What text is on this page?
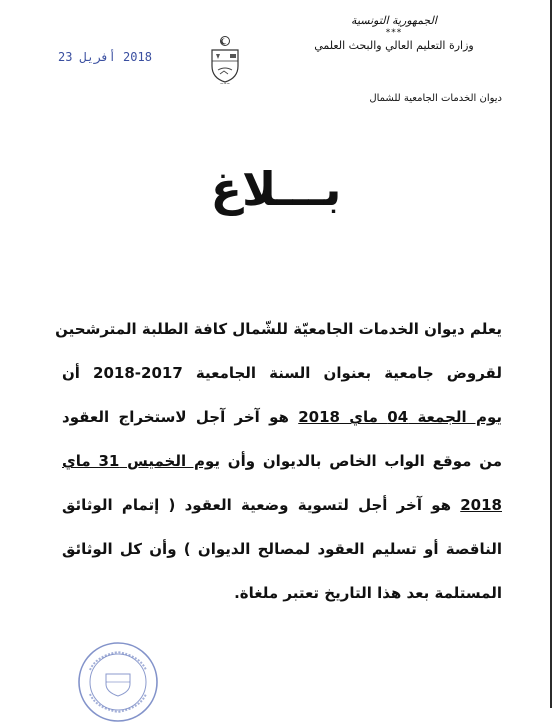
الجمهورية التونسية
***
وزارة التعليم العالي والبحث العلمي
ديوان الخدمات الجامعية للشمال
~~~
2018 أفريل 23
بـــلاغ
يعلم ديوان الخدمات الجامعيّة للشّمال كافة الطلبة المترشحين
لقروض جامعية بعنوان السنة الجامعية 2017-2018 أن
يوم الجمعة 04 ماي 2018 هو آخر آجل لاستخراج العقود
من موقع الواب الخاص بالديوان وأن يوم الخميس 31 ماي
2018 هو آخر أجل لتسوية وضعية العقود ( إتمام الوثائق
الناقصة أو تسليم العقود لمصالح الديوان ) وأن كل الوثائق
المستلمة بعد هذا التاريخ تعتبر ملغاة.
